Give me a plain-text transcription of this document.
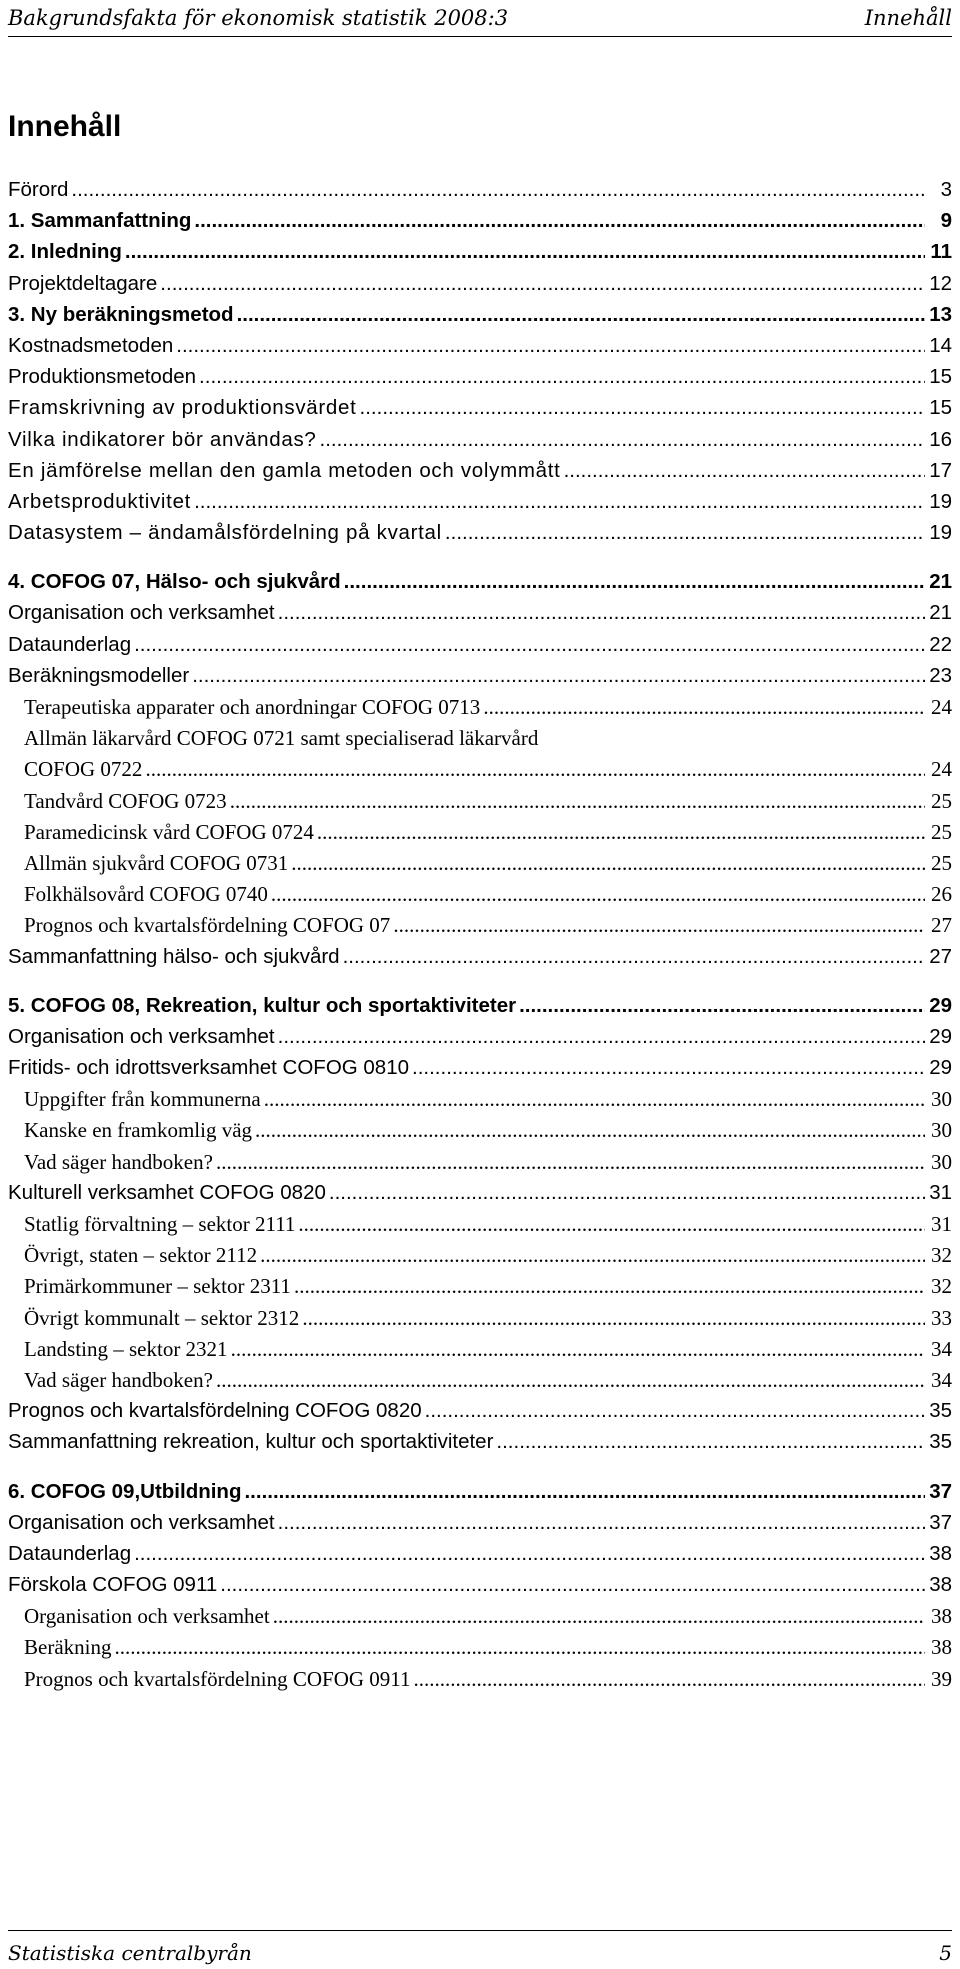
Bakgrundsfakta för ekonomisk statistik 2008:3	Innehåll
Innehåll
Förord .....	3
1. Sammanfattning .....	9
2. Inledning .....	11
Projektdeltagare .....	12
3. Ny beräkningsmetod .....	13
Kostnadsmetoden .....	14
Produktionsmetoden .....	15
Framskrivning av produktionsvärdet .....	15
Vilka indikatorer bör användas? .....	16
En jämförelse mellan den gamla metoden och volymmått .....	17
Arbetsproduktivitet .....	19
Datasystem – ändamålsfördelning på kvartal .....	19
4. COFOG 07, Hälso- och sjukvård .....	21
Organisation och verksamhet .....	21
Dataunderlag .....	22
Beräkningsmodeller .....	23
Terapeutiska apparater och anordningar COFOG 0713 .....	24
Allmän läkarvård COFOG 0721 samt specialiserad läkarvård
COFOG 0722 .....	24
Tandvård COFOG 0723 .....	25
Paramedicinsk vård COFOG 0724 .....	25
Allmän sjukvård COFOG 0731 .....	25
Folkhälsovård COFOG 0740 .....	26
Prognos och kvartalsfördelning COFOG 07 .....	27
Sammanfattning hälso- och sjukvård .....	27
5. COFOG 08, Rekreation, kultur och sportaktiviteter .....	29
Organisation och verksamhet .....	29
Fritids- och idrottsverksamhet COFOG 0810 .....	29
Uppgifter från kommunerna .....	30
Kanske en framkomlig väg .....	30
Vad säger handboken? .....	30
Kulturell verksamhet COFOG 0820 .....	31
Statlig förvaltning – sektor 2111 .....	31
Övrigt, staten – sektor 2112 .....	32
Primärkommuner – sektor 2311 .....	32
Övrigt kommunalt – sektor 2312 .....	33
Landsting – sektor 2321 .....	34
Vad säger handboken? .....	34
Prognos och kvartalsfördelning COFOG 0820 .....	35
Sammanfattning rekreation, kultur och sportaktiviteter .....	35
6. COFOG 09,Utbildning .....	37
Organisation och verksamhet .....	37
Dataunderlag .....	38
Förskola COFOG 0911 .....	38
Organisation och verksamhet .....	38
Beräkning .....	38
Prognos och kvartalsfördelning COFOG 0911 .....	39
Statistiska centralbyrån	5
